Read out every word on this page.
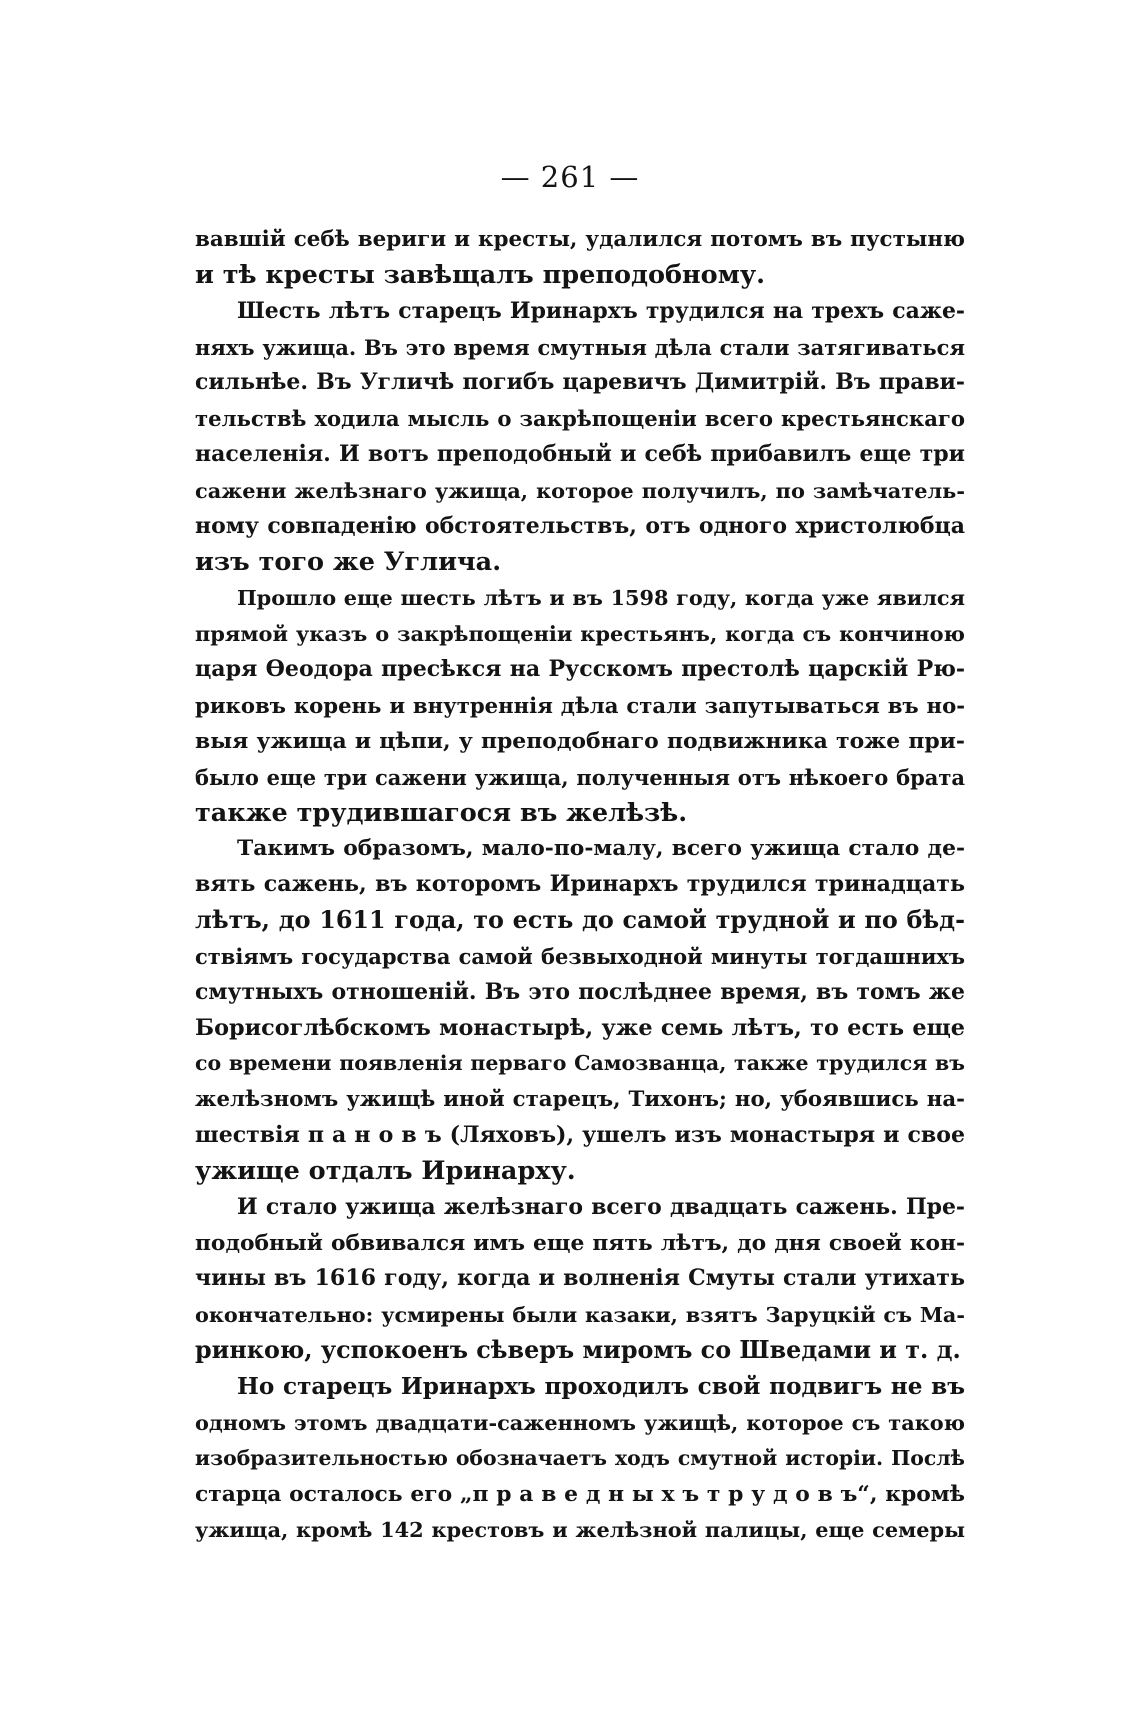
— 261 —
вавшій себѣ вериги и кресты, удалился потомъ въ пустыню
и тѣ кресты завѣщалъ преподобному.
Шесть лѣтъ старецъ Иринархъ трудился на трехъ саже-
няхъ ужища. Въ это время смутныя дѣла стали затягиваться
сильнѣе. Въ Угличѣ погибъ царевичъ Димитрій. Въ прави-
тельствѣ ходила мысль о закрѣпощеніи всего крестьянскаго
населенія. И вотъ преподобный и себѣ прибавилъ еще три
сажени желѣзнаго ужища, которое получилъ, по замѣчатель-
ному совпаденію обстоятельствъ, отъ одного христолюбца
изъ того же Углича.
Прошло еще шесть лѣтъ и въ 1598 году, когда уже явился
прямой указъ о закрѣпощеніи крестьянъ, когда съ кончиною
царя Ѳеодора пресѣкся на Русскомъ престолѣ царскій Рю-
риковъ корень и внутреннія дѣла стали запутываться въ но-
выя ужища и цѣпи, у преподобнаго подвижника тоже при-
было еще три сажени ужища, полученныя отъ нѣкоего брата
также трудившагося въ желѣзѣ.
Такимъ образомъ, мало-по-малу, всего ужища стало де-
вять сажень, въ которомъ Иринархъ трудился тринадцать
лѣтъ, до 1611 года, то есть до самой трудной и по бѣд-
ствіямъ государства самой безвыходной минуты тогдашнихъ
смутныхъ отношеній. Въ это послѣднее время, въ томъ же
Борисоглѣбскомъ монастырѣ, уже семь лѣтъ, то есть еще
со времени появленія перваго Самозванца, также трудился въ
желѣзномъ ужищѣ иной старецъ, Тихонъ; но, убоявшись на-
шествія п а н о в ъ (Ляховъ), ушелъ изъ монастыря и свое
ужище отдалъ Иринарху.
И стало ужища желѣзнаго всего двадцать сажень. Пре-
подобный обвивался имъ еще пять лѣтъ, до дня своей кон-
чины въ 1616 году, когда и волненія Смуты стали утихать
окончательно: усмирены были казаки, взятъ Заруцкій съ Ма-
ринкою, успокоенъ сѣверъ миромъ со Шведами и т. д.
Но старецъ Иринархъ проходилъ свой подвигъ не въ
одномъ этомъ двадцати-саженномъ ужищѣ, которое съ такою
изобразительностью обозначаетъ ходъ смутной исторіи. Послѣ
старца осталось его „п р а в е д н ы х ъ т р у д о в ъ“, кромѣ
ужища, кромѣ 142 крестовъ и желѣзной палицы, еще семеры
